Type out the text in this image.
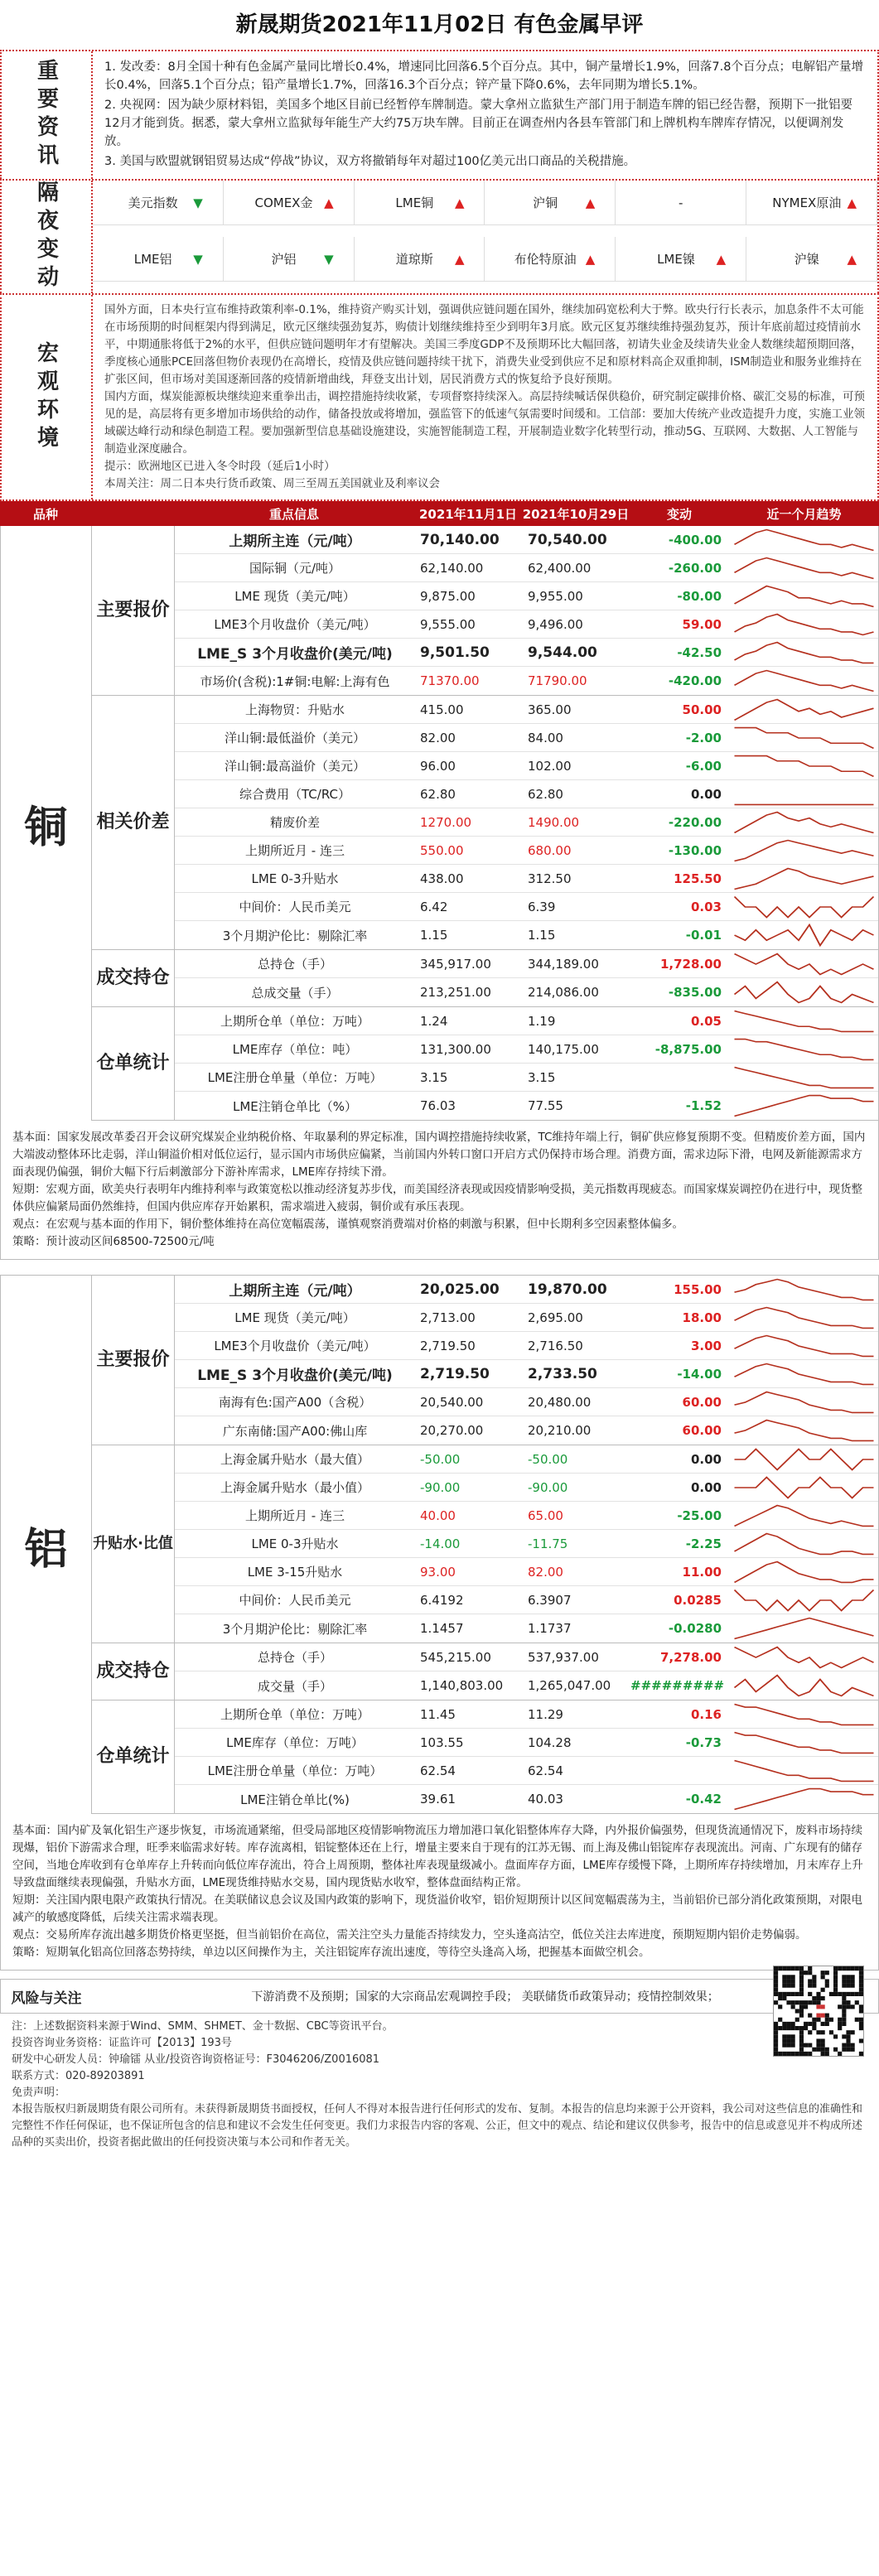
新晟期货2021年11月02日 有色金属早评
重要资讯	1. 发改委：8月全国十种有色金属产量同比增长0.4%，增速同比回落6.5个百分点。其中，铜产量增长1.9%，回落7.8个百分点；电解铝产量增长0.4%，回落5.1个百分点；铅产量增长1.7%，回落16.3个百分点；锌产量下降0.6%，去年同期为增长5.1%。

2. 央视网：因为缺少原材料铝，美国多个地区目前已经暂停车牌制造。蒙大拿州立监狱生产部门用于制造车牌的铝已经告罄，预期下一批铝要12月才能到货。据悉，蒙大拿州立监狱每年能生产大约75万块车牌。目前正在调查州内各县车管部门和上牌机构车牌库存情况，以便调剂发放。

3. 美国与欧盟就钢铝贸易达成“停战”协议，双方将撤销每年对超过100亿美元出口商品的关税措施。

隔夜变动	美元指数	▼	COMEX金 ▲	LME铜	▲	沪铜	▲	-	NYMEX原油 ▲
LME铝	▼	沪铝	▼	道琼斯	▲	布伦特原油 ▲	LME镍	▲	沪镍	▲
宏观环境

国外方面，日本央行宣布维持政策利率-0.1%，维持资产购买计划，强调供应链问题在国外，继续加码宽松利大于弊。欧央行行长表示，加息条件不太可能在市场预期的时间框架内得到满足，欧元区继续强劲复苏，购债计划继续维持至少到明年3月底。欧元区复苏继续维持强劲复苏，预计年底前超过疫情前水平，中期通胀将低于2%的水平，但供应链问题明年才有望解决。美国三季度GDP不及预期环比大幅回落，初请失业金及续请失业金人数继续超预期回落，季度核心通胀PCE回落但物价表现仍在高增长，疫情及供应链问题持续干扰下，消费失业受到供应不足和原材料高企双重抑制，ISM制造业和服务业维持在扩张区间，但市场对美国逐渐回落的疫情新增曲线，拜登支出计划，居民消费方式的恢复给予良好预期。

国内方面，煤炭能源板块继续迎来重拳出击，调控措施持续收紧，专项督察持续深入。高层持续喊话保供稳价，研究制定碳排价格、碳汇交易的标准，可预见的是，高层将有更多增加市场供给的动作，储备投放或将增加，强监管下的低速气氛需要时间缓和。工信部：要加大传统产业改造提升力度，实施工业领域碳达峰行动和绿色制造工程。要加强新型信息基础设施建设，实施智能制造工程，开展制造业数字化转型行动，推动5G、互联网、大数据、人工智能与制造业深度融合。

提示：欧洲地区已进入冬令时段（延后1小时）

本周关注：周二日本央行货币政策、周三至周五美国就业及利率议会

品种	重点信息	2021年11月1日 2021年10月29日	变动	近一个月趋势
铜
主要报价
上期所主连（元/吨）	70,140.00	70,540.00	-400.00
国际铜（元/吨）	62,140.00	62,400.00	-260.00
LME 现货（美元/吨）	9,875.00	9,955.00	-80.00
LME3个月收盘价（美元/吨）	9,555.00	9,496.00	59.00
LME_S 3个月收盘价(美元/吨)	9,501.50	9,544.00	-42.50
市场价(含税):1#铜:电解:上海有色	71370.00	71790.00	-420.00
相关价差
上海物贸：升贴水	415.00	365.00	50.00
洋山铜:最低溢价（美元）	82.00	84.00	-2.00
洋山铜:最高溢价（美元）	96.00	102.00	-6.00
综合费用（TC/RC）	62.80	62.80	0.00
精废价差	1270.00	1490.00	-220.00
上期所近月 - 连三	550.00	680.00	-130.00
LME 0-3升贴水	438.00	312.50	125.50
中间价：人民币美元	6.42	6.39	0.03
3个月期沪伦比：剔除汇率	1.15	1.15	-0.01
成交持仓
总持仓（手）	345,917.00	344,189.00	1,728.00
总成交量（手）	213,251.00	214,086.00	-835.00
仓单统计
上期所仓单（单位：万吨）	1.24	1.19	0.05
LME库存（单位：吨）	131,300.00	140,175.00	-8,875.00
LME注册仓单量（单位：万吨）	3.15	3.15
LME注销仓单比（%）	76.03	77.55	-1.52

基本面：国家发展改革委召开会议研究煤炭企业纳税价格、年取暴利的界定标准，国内调控措施持续收紧，TC维持年端上行，铜矿供应修复预期不变。但精废价差方面，国内大端波动整体环比走弱，洋山铜溢价相对低位运行，显示国内市场供应偏紧，当前国内外转口窗口开启方式仍保持市场合理。消费方面，需求边际下滑，电网及新能源需求方面表现仍偏强，铜价大幅下行后刺激部分下游补库需求，LME库存持续下滑。

短期：宏观方面，欧美央行表明年内维持利率与政策宽松以推动经济复苏步伐，而美国经济表现或因疫情影响受损，美元指数再现疲态。而国家煤炭调控仍在进行中，现货整体供应偏紧局面仍然维持，但国内供应库存开始累积，需求端进入疲弱，铜价或有承压表现。

观点：在宏观与基本面的作用下，铜价整体维持在高位宽幅震荡，谨慎观察消费端对价格的刺激与积累，但中长期利多空因素整体偏多。

策略：预计波动区间68500-72500元/吨

铝
主要报价
上期所主连（元/吨）	20,025.00	19,870.00	155.00
LME 现货（美元/吨）	2,713.00	2,695.00	18.00
LME3个月收盘价（美元/吨）	2,719.50	2,716.50	3.00
LME_S 3个月收盘价(美元/吨)	2,719.50	2,733.50	-14.00
南海有色:国产A00（含税）	20,540.00	20,480.00	60.00
广东南储:国产A00:佛山库	20,270.00	20,210.00	60.00
升贴水·比值
上海金属升贴水（最大值）	-50.00	-50.00	0.00
上海金属升贴水（最小值）	-90.00	-90.00	0.00
上期所近月 - 连三	40.00	65.00	-25.00
LME 0-3升贴水	-14.00	-11.75	-2.25
LME 3-15升贴水	93.00	82.00	11.00
中间价：人民币美元	6.4192	6.3907	0.0285
3个月期沪伦比：剔除汇率	1.1457	1.1737	-0.0280
成交持仓
总持仓（手）	545,215.00	537,937.00	7,278.00
成交量（手）	1,140,803.00	1,265,047.00	#########
仓单统计
上期所仓单（单位：万吨）	11.45	11.29	0.16
LME库存（单位：万吨）	103.55	104.28	-0.73
LME注册仓单量（单位：万吨）	62.54	62.54
LME注销仓单比(%)	39.61	40.03	-0.42

基本面：国内矿及氧化铝生产逐步恢复，市场流通紧缩，但受局部地区疫情影响物流压力增加港口氧化铝整体库存大降，内外报价偏强势，但现货流通情况下，废料市场持续现爆，铝价下游需求合理，旺季来临需求好转。库存流离相，铝锭整体还在上行，增量主要来自于现有的江苏无锡、而上海及佛山铝锭库存表现流出。河南、广东现有的储存空间，当地仓库收到有仓单库存上升转而向低位库存流出，符合上周预期，整体社库表现量级减小。盘面库存方面，LME库存缓慢下降，上期所库存持续增加，月末库存上升导致盘面继续表现偏强，升贴水方面，LME现货维持贴水交易，国内现货贴水收窄，整体盘面结构正常。

短期：关注国内限电限产政策执行情况。在美联储议息会议及国内政策的影响下，现货溢价收窄，铝价短期预计以区间宽幅震荡为主，当前铝价已部分消化政策预期，对限电减产的敏感度降低，后续关注需求端表现。

观点：交易所库存流出越多期货价格更坚挺，但当前铝价在高位，需关注空头力量能否持续发力，空头逢高沽空，低位关注去库进度，预期短期内铝价走势偏弱。

策略：短期氧化铝高位回落态势持续，单边以区间操作为主，关注铝锭库存流出速度，等待空头逢高入场，把握基本面做空机会。

风险与关注	下游消费不及预期；国家的大宗商品宏观调控手段； 美联储货币政策异动；疫情控制效果；

注：上述数据资料来源于Wind、SMM、SHMET、金十数据、CBC等资讯平台。

投资咨询业务资格：证监许可【2013】193号

研发中心研发人员：钟瑜镭 从业/投资咨询资格证号：F3046206/Z0016081

联系方式：020-89203891

免责声明：

本报告版权归新晟期货有限公司所有。未获得新晟期货书面授权，任何人不得对本报告进行任何形式的发布、复制。本报告的信息均来源于公开资料，我公司对这些信息的准确性和完整性不作任何保证，也不保证所包含的信息和建议不会发生任何变更。我们力求报告内容的客观、公正，但文中的观点、结论和建议仅供参考，报告中的信息或意见并不构成所述品种的买卖出价，投资者据此做出的任何投资决策与本公司和作者无关。
